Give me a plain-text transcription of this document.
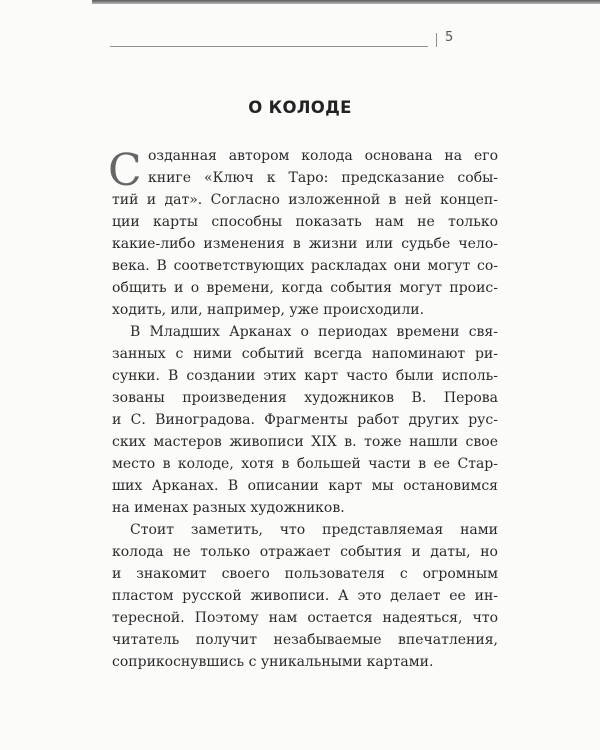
5
О КОЛОДЕ
С озданная автором колода основана на его
книге «Ключ к Таро: предсказание собы-
тий и дат». Согласно изложенной в ней концеп-
ции карты способны показать нам не только
какие-либо изменения в жизни или судьбе чело-
века. В соответствующих раскладах они могут со-
общить и о времени, когда события могут проис-
ходить, или, например, уже происходили.
В Младших Арканах о периодах времени свя-
занных с ними событий всегда напоминают ри-
сунки. В создании этих карт часто были исполь-
зованы произведения художников В. Перова
и С. Виноградова. Фрагменты работ других рус-
ских мастеров живописи XIX в. тоже нашли свое
место в колоде, хотя в большей части в ее Стар-
ших Арканах. В описании карт мы остановимся
на именах разных художников.
Стоит заметить, что представляемая нами
колода не только отражает события и даты, но
и знакомит своего пользователя с огромным
пластом русской живописи. А это делает ее ин-
тересной. Поэтому нам остается надеяться, что
читатель получит незабываемые впечатления,
соприкоснувшись с уникальными картами.
